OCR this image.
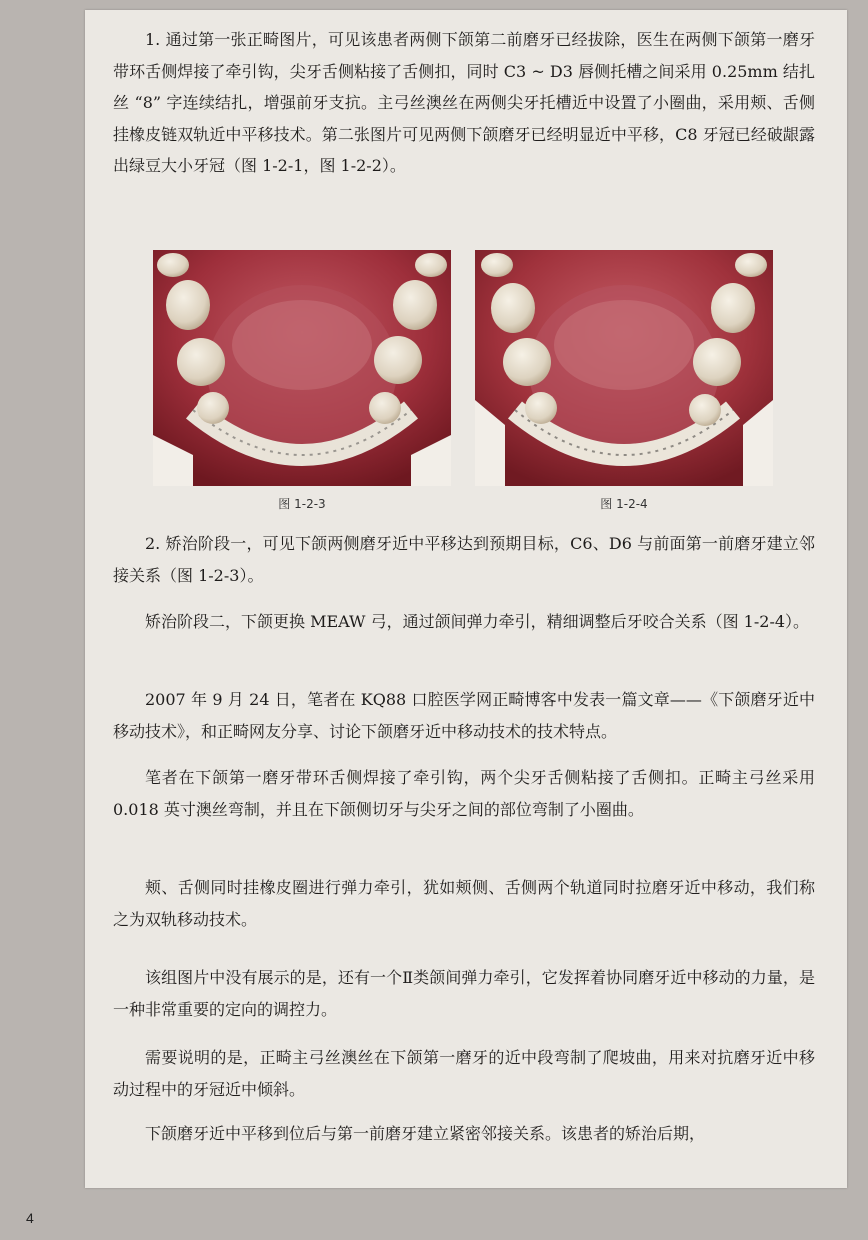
1. 通过第一张正畸图片，可见该患者两侧下颌第二前磨牙已经拔除，医生在两侧下颌第一磨牙带环舌侧焊接了牵引钩，尖牙舌侧粘接了舌侧扣，同时 C3 ~ D3 唇侧托槽之间采用 0.25mm 结扎丝 “8” 字连续结扎，增强前牙支抗。主弓丝澳丝在两侧尖牙托槽近中设置了小圈曲，采用颊、舌侧挂橡皮链双轨近中平移技术。第二张图片可见两侧下颌磨牙已经明显近中平移，C8 牙冠已经破龈露出绿豆大小牙冠（图 1-2-1，图 1-2-2）。

图 1-2-3	图 1-2-4

2. 矫治阶段一，可见下颌两侧磨牙近中平移达到预期目标，C6、D6 与前面第一前磨牙建立邻接关系（图 1-2-3）。

矫治阶段二，下颌更换 MEAW 弓，通过颌间弹力牵引，精细调整后牙咬合关系（图 1-2-4）。

2007 年 9 月 24 日，笔者在 KQ88 口腔医学网正畸博客中发表一篇文章——《下颌磨牙近中移动技术》，和正畸网友分享、讨论下颌磨牙近中移动技术的技术特点。

笔者在下颌第一磨牙带环舌侧焊接了牵引钩，两个尖牙舌侧粘接了舌侧扣。正畸主弓丝采用 0.018 英寸澳丝弯制，并且在下颌侧切牙与尖牙之间的部位弯制了小圈曲。

颊、舌侧同时挂橡皮圈进行弹力牵引，犹如颊侧、舌侧两个轨道同时拉磨牙近中移动，我们称之为双轨移动技术。

该组图片中没有展示的是，还有一个Ⅱ类颌间弹力牵引，它发挥着协同磨牙近中移动的力量，是一种非常重要的定向的调控力。

需要说明的是，正畸主弓丝澳丝在下颌第一磨牙的近中段弯制了爬坡曲，用来对抗磨牙近中移动过程中的牙冠近中倾斜。

下颌磨牙近中平移到位后与第一前磨牙建立紧密邻接关系。该患者的矫治后期，

4
